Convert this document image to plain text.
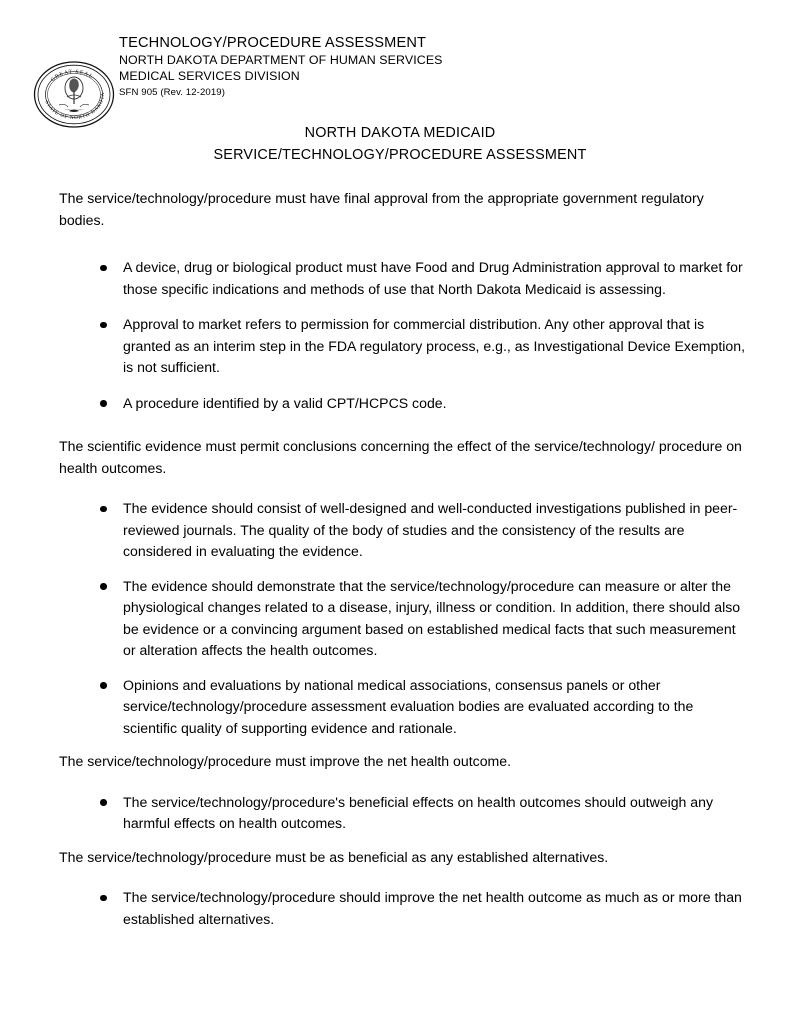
GREAT SEAL
STATE OF NORTH DAKOTA
TECHNOLOGY/PROCEDURE ASSESSMENT
NORTH DAKOTA DEPARTMENT OF HUMAN SERVICES
MEDICAL SERVICES DIVISION
SFN 905 (Rev. 12-2019)
NORTH DAKOTA MEDICAID
SERVICE/TECHNOLOGY/PROCEDURE ASSESSMENT

The service/technology/procedure must have final approval from the appropriate government regulatory bodies.

A device, drug or biological product must have Food and Drug Administration approval to market for those specific indications and methods of use that North Dakota Medicaid is assessing.
Approval to market refers to permission for commercial distribution. Any other approval that is granted as an interim step in the FDA regulatory process, e.g., as Investigational Device Exemption, is not sufficient.
A procedure identified by a valid CPT/HCPCS code.

The scientific evidence must permit conclusions concerning the effect of the service/technology/ procedure on health outcomes.

The evidence should consist of well-designed and well-conducted investigations published in peer-reviewed journals. The quality of the body of studies and the consistency of the results are considered in evaluating the evidence.
The evidence should demonstrate that the service/technology/procedure can measure or alter the physiological changes related to a disease, injury, illness or condition. In addition, there should also be evidence or a convincing argument based on established medical facts that such measurement or alteration affects the health outcomes.
Opinions and evaluations by national medical associations, consensus panels or other service/technology/procedure assessment evaluation bodies are evaluated according to the scientific quality of supporting evidence and rationale.

The service/technology/procedure must improve the net health outcome.

The service/technology/procedure's beneficial effects on health outcomes should outweigh any harmful effects on health outcomes.

The service/technology/procedure must be as beneficial as any established alternatives.

The service/technology/procedure should improve the net health outcome as much as or more than established alternatives.
